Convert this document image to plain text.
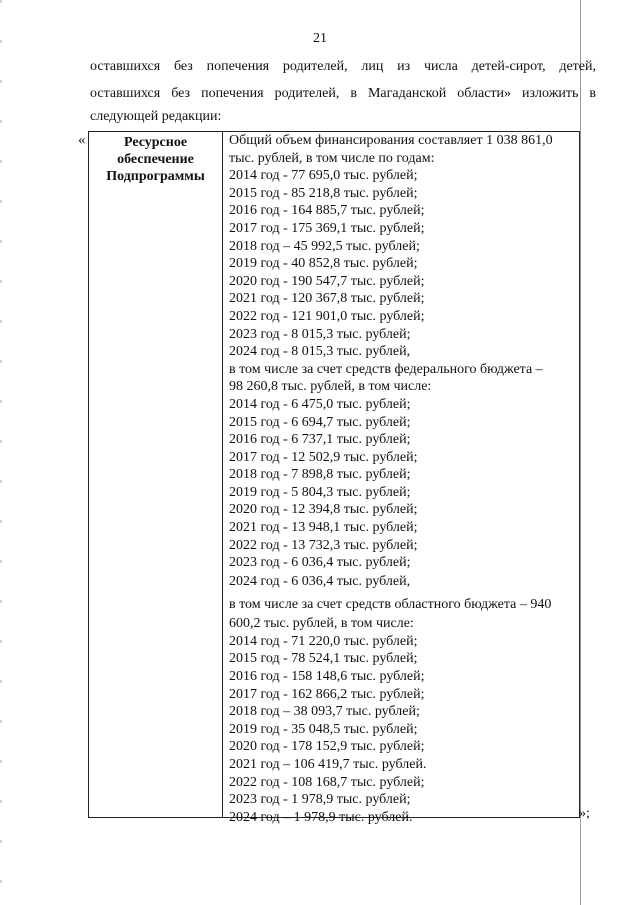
21
оставшихся без попечения родителей, лиц из числа детей-сирот, детей,
оставшихся без попечения родителей, в Магаданской области» изложить в
следующей редакции:
«	Ресурсное
обеспечение
Подпрограммы
Общий объем финансирования составляет 1 038 861,0
тыс. рублей, в том числе по годам:
2014 год - 77 695,0 тыс. рублей;
2015 год - 85 218,8 тыс. рублей;
2016 год - 164 885,7 тыс. рублей;
2017 год - 175 369,1 тыс. рублей;
2018 год – 45 992,5 тыс. рублей;
2019 год - 40 852,8 тыс. рублей;
2020 год - 190 547,7 тыс. рублей;
2021 год - 120 367,8 тыс. рублей;
2022 год - 121 901,0 тыс. рублей;
2023 год - 8 015,3 тыс. рублей;
2024 год - 8 015,3 тыс. рублей,
в том числе за счет средств федерального бюджета –
98 260,8 тыс. рублей, в том числе:
2014 год - 6 475,0 тыс. рублей;
2015 год - 6 694,7 тыс. рублей;
2016 год - 6 737,1 тыс. рублей;
2017 год - 12 502,9 тыс. рублей;
2018 год - 7 898,8 тыс. рублей;
2019 год - 5 804,3 тыс. рублей;
2020 год - 12 394,8 тыс. рублей;
2021 год - 13 948,1 тыс. рублей;
2022 год - 13 732,3 тыс. рублей;
2023 год - 6 036,4 тыс. рублей;
2024 год - 6 036,4 тыс. рублей,
в том числе за счет средств областного бюджета – 940
600,2 тыс. рублей, в том числе:
2014 год - 71 220,0 тыс. рублей;
2015 год - 78 524,1 тыс. рублей;
2016 год - 158 148,6 тыс. рублей;
2017 год - 162 866,2 тыс. рублей;
2018 год – 38 093,7 тыс. рублей;
2019 год - 35 048,5 тыс. рублей;
2020 год - 178 152,9 тыс. рублей;
2021 год – 106 419,7 тыс. рублей.
2022 год - 108 168,7 тыс. рублей;
2023 год - 1 978,9 тыс. рублей;
2024 год – 1 978,9 тыс. рублей.	»;
